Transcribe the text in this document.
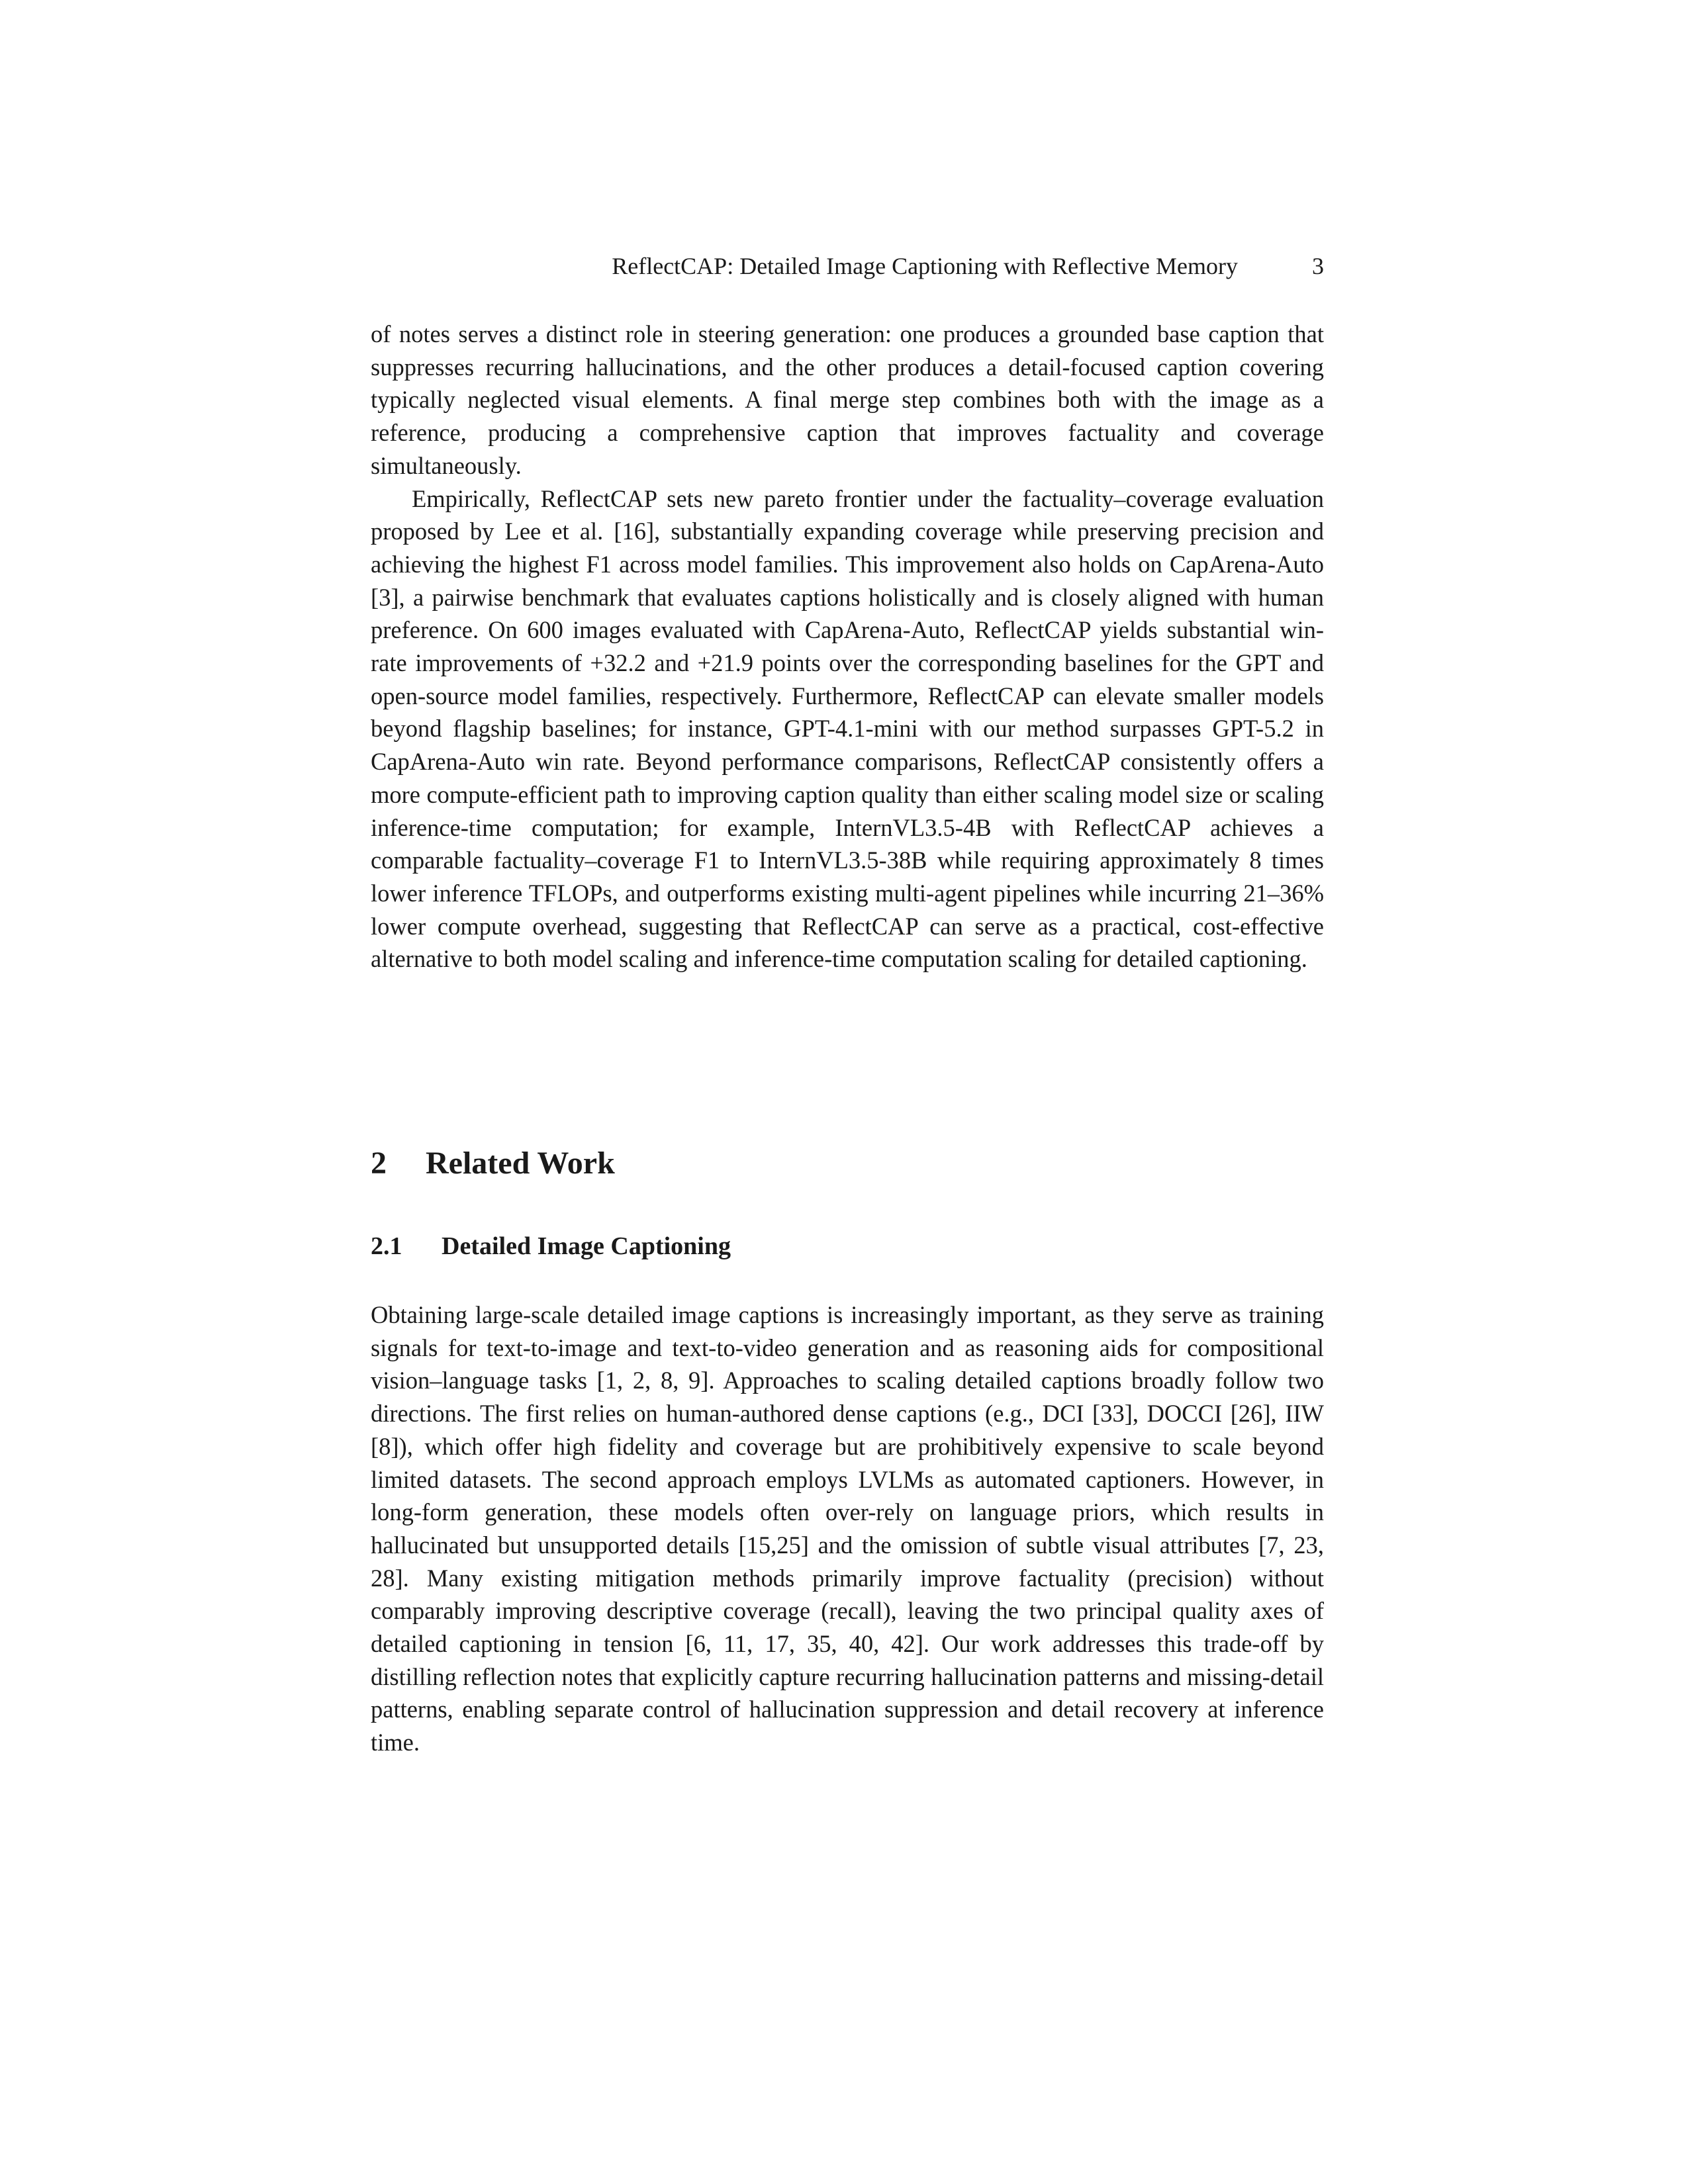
ReflectCAP: Detailed Image Captioning with Reflective Memory	3

of notes serves a distinct role in steering generation: one produces a grounded base caption that suppresses recurring hallucinations, and the other produces a detail-focused caption covering typically neglected visual elements. A final merge step combines both with the image as a reference, producing a comprehensive caption that improves factuality and coverage simultaneously.

Empirically, ReflectCAP sets new pareto frontier under the factuality–coverage evaluation proposed by Lee et al. [16], substantially expanding coverage while preserving precision and achieving the highest F1 across model families. This improvement also holds on CapArena-Auto [3], a pairwise benchmark that evaluates captions holistically and is closely aligned with human preference. On 600 images evaluated with CapArena-Auto, ReflectCAP yields substantial win-rate improvements of +32.2 and +21.9 points over the corresponding baselines for the GPT and open-source model families, respectively. Furthermore, ReflectCAP can elevate smaller models beyond flagship baselines; for instance, GPT-4.1-mini with our method surpasses GPT-5.2 in CapArena-Auto win rate. Beyond performance comparisons, ReflectCAP consistently offers a more compute-efficient path to improving caption quality than either scaling model size or scaling inference-time computation; for example, InternVL3.5-4B with ReflectCAP achieves a comparable factuality–coverage F1 to InternVL3.5-38B while requiring approximately 8 times lower inference TFLOPs, and outperforms existing multi-agent pipelines while incurring 21–36% lower compute overhead, suggesting that ReflectCAP can serve as a practical, cost-effective alternative to both model scaling and inference-time computation scaling for detailed captioning.

2 Related Work
2.1 Detailed Image Captioning

Obtaining large-scale detailed image captions is increasingly important, as they serve as training signals for text-to-image and text-to-video generation and as reasoning aids for compositional vision–language tasks [1, 2, 8, 9]. Approaches to scaling detailed captions broadly follow two directions. The first relies on human-authored dense captions (e.g., DCI [33], DOCCI [26], IIW [8]), which offer high fidelity and coverage but are prohibitively expensive to scale beyond limited datasets. The second approach employs LVLMs as automated captioners. However, in long-form generation, these models often over-rely on language priors, which results in hallucinated but unsupported details [15,25] and the omission of subtle visual attributes [7, 23, 28]. Many existing mitigation methods primarily improve factuality (precision) without comparably improving descriptive coverage (recall), leaving the two principal quality axes of detailed captioning in tension [6, 11, 17, 35, 40, 42]. Our work addresses this trade-off by distilling reflection notes that explicitly capture recurring hallucination patterns and missing-detail patterns, enabling separate control of hallucination suppression and detail recovery at inference time.
